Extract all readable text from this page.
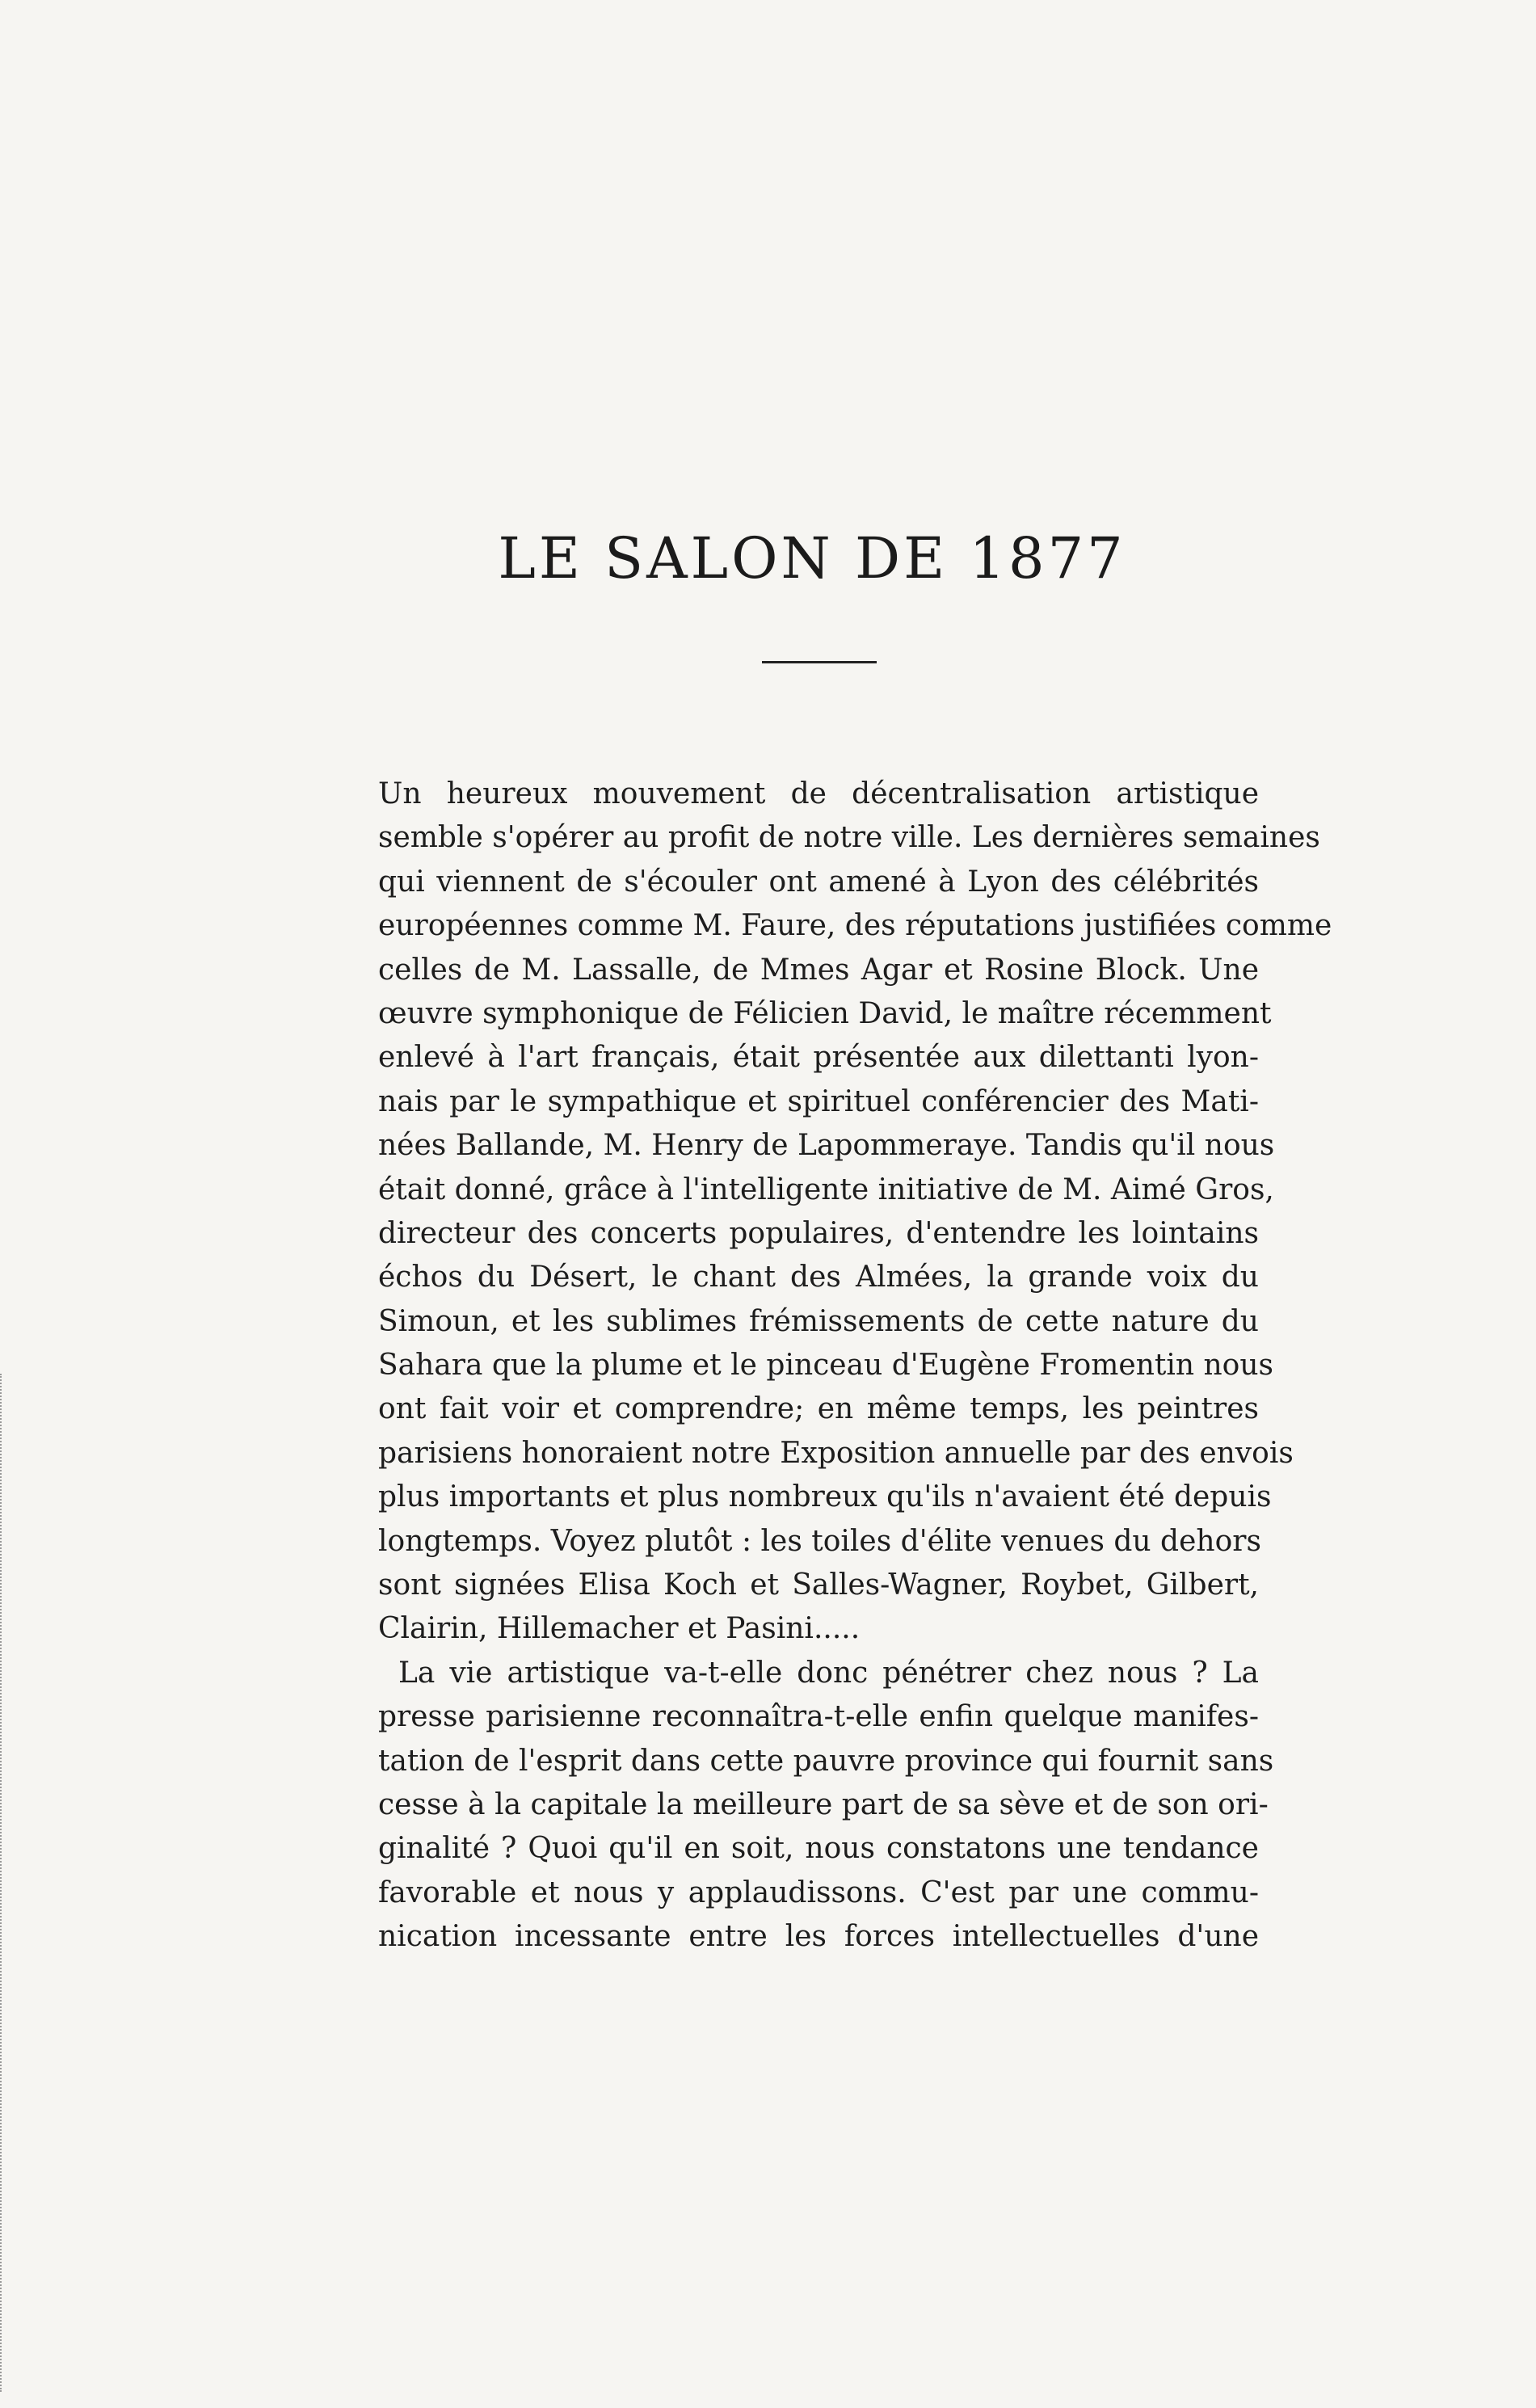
LE SALON DE 1877
Un heureux mouvement de décentralisation artistique
semble s'opérer au profit de notre ville. Les dernières semaines
qui viennent de s'écouler ont amené à Lyon des célébrités
européennes comme M. Faure, des réputations justifiées comme
celles de M. Lassalle, de Mmes Agar et Rosine Block. Une
œuvre symphonique de Félicien David, le maître récemment
enlevé à l'art français, était présentée aux dilettanti lyon-
nais par le sympathique et spirituel conférencier des Mati-
nées Ballande, M. Henry de Lapommeraye. Tandis qu'il nous
était donné, grâce à l'intelligente initiative de M. Aimé Gros,
directeur des concerts populaires, d'entendre les lointains
échos du Désert, le chant des Almées, la grande voix du
Simoun, et les sublimes frémissements de cette nature du
Sahara que la plume et le pinceau d'Eugène Fromentin nous
ont fait voir et comprendre; en même temps, les peintres
parisiens honoraient notre Exposition annuelle par des envois
plus importants et plus nombreux qu'ils n'avaient été depuis
longtemps. Voyez plutôt : les toiles d'élite venues du dehors
sont signées Elisa Koch et Salles-Wagner, Roybet, Gilbert,
Clairin, Hillemacher et Pasini.....
La vie artistique va-t-elle donc pénétrer chez nous ? La
presse parisienne reconnaîtra-t-elle enfin quelque manifes-
tation de l'esprit dans cette pauvre province qui fournit sans
cesse à la capitale la meilleure part de sa sève et de son ori-
ginalité ? Quoi qu'il en soit, nous constatons une tendance
favorable et nous y applaudissons. C'est par une commu-
nication incessante entre les forces intellectuelles d'une
